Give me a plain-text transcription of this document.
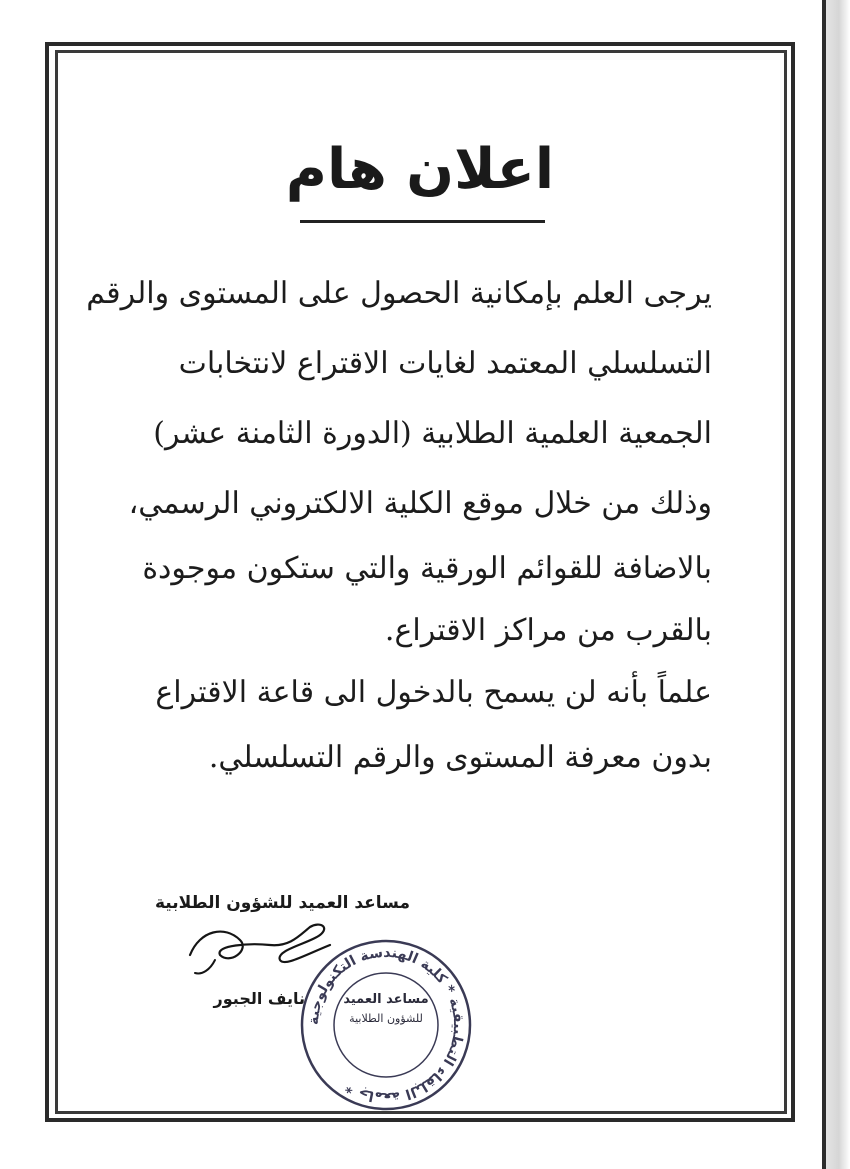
اعلان هام
يرجى العلم بإمكانية الحصول على المستوى والرقم
التسلسلي المعتمد لغايات الاقتراع لانتخابات
الجمعية العلمية الطلابية (الدورة الثامنة عشر)
وذلك من خلال موقع الكلية الالكتروني الرسمي،
بالاضافة للقوائم الورقية والتي ستكون موجودة
بالقرب من مراكز الاقتراع.
علماً بأنه لن يسمح بالدخول الى قاعة الاقتراع
بدون معرفة المستوى والرقم التسلسلي.
مساعد العميد للشؤون الطلابية
نايف الجبور
جامعة البلقاء التطبيقية * كلية الهندسة التكنولوجية *
مساعد العميد
للشؤون الطلابية
